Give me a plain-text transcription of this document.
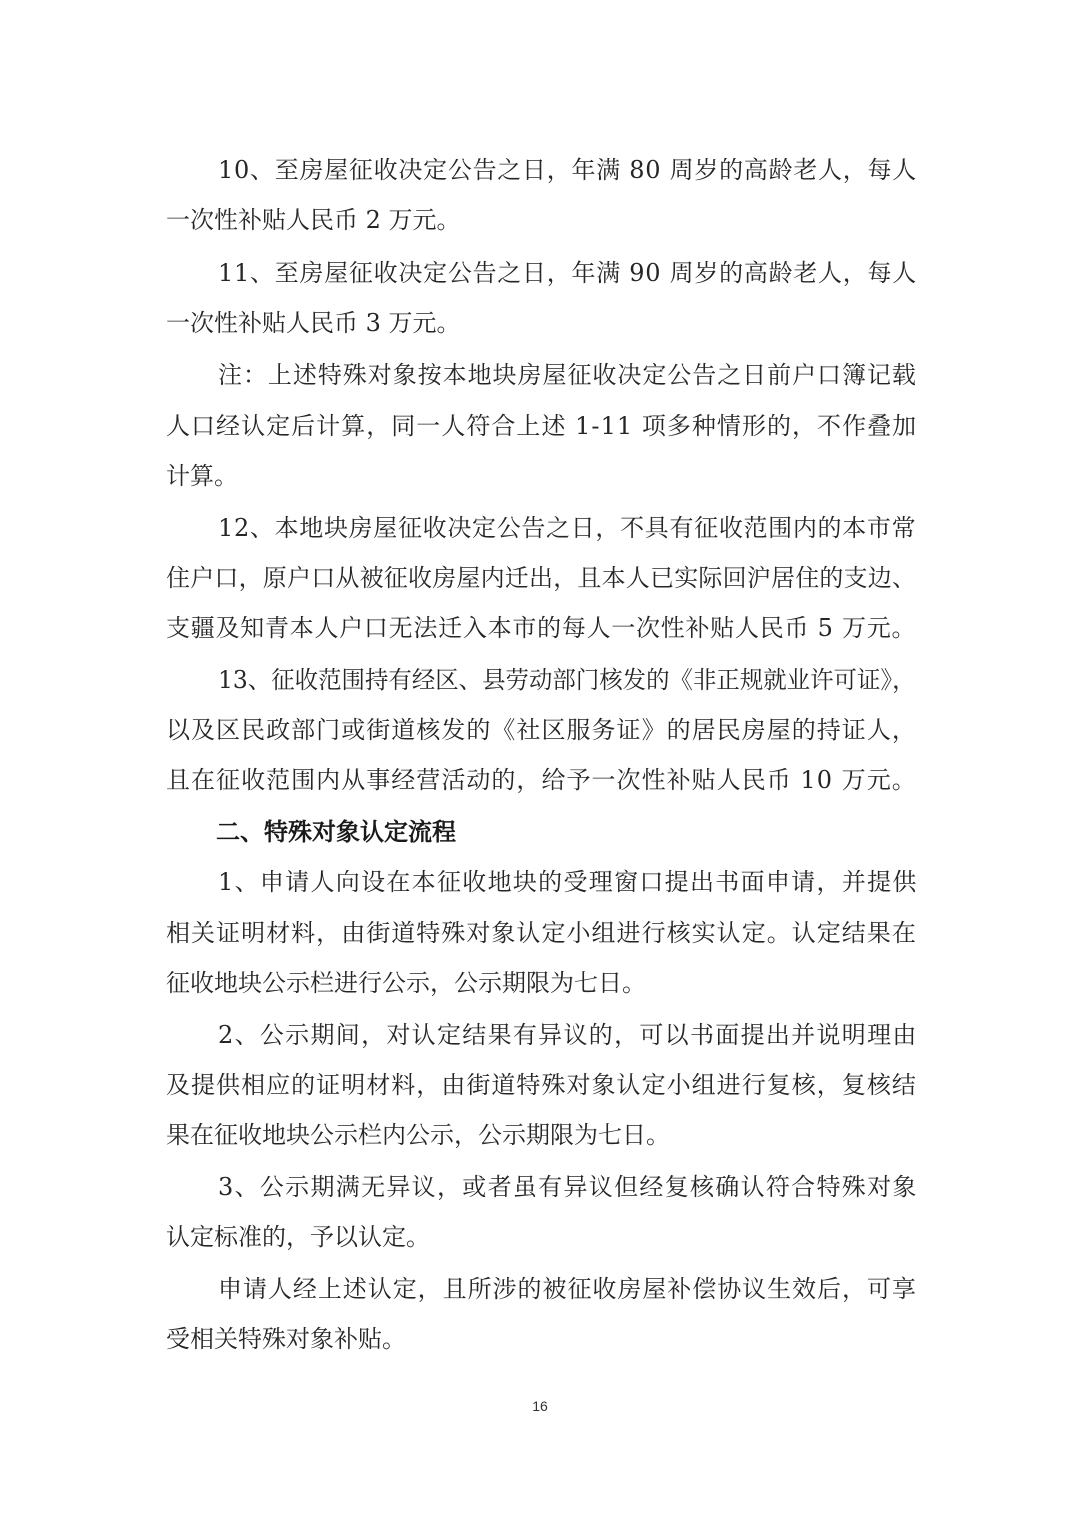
10、至房屋征收决定公告之日，年满 80 周岁的高龄老人，每人
一次性补贴人民币 2 万元。
11、至房屋征收决定公告之日，年满 90 周岁的高龄老人，每人
一次性补贴人民币 3 万元。
注：上述特殊对象按本地块房屋征收决定公告之日前户口簿记载
人口经认定后计算，同一人符合上述 1-11 项多种情形的，不作叠加
计算。
12、本地块房屋征收决定公告之日，不具有征收范围内的本市常
住户口，原户口从被征收房屋内迁出，且本人已实际回沪居住的支边、
支疆及知青本人户口无法迁入本市的每人一次性补贴人民币 5 万元。
13、征收范围持有经区、县劳动部门核发的《非正规就业许可证》，
以及区民政部门或街道核发的《社区服务证》的居民房屋的持证人，
且在征收范围内从事经营活动的，给予一次性补贴人民币 10 万元。
二、特殊对象认定流程
1、申请人向设在本征收地块的受理窗口提出书面申请，并提供
相关证明材料，由街道特殊对象认定小组进行核实认定。认定结果在
征收地块公示栏进行公示，公示期限为七日。
2、公示期间，对认定结果有异议的，可以书面提出并说明理由
及提供相应的证明材料，由街道特殊对象认定小组进行复核，复核结
果在征收地块公示栏内公示，公示期限为七日。
3、公示期满无异议，或者虽有异议但经复核确认符合特殊对象
认定标准的，予以认定。
申请人经上述认定，且所涉的被征收房屋补偿协议生效后，可享
受相关特殊对象补贴。
16
